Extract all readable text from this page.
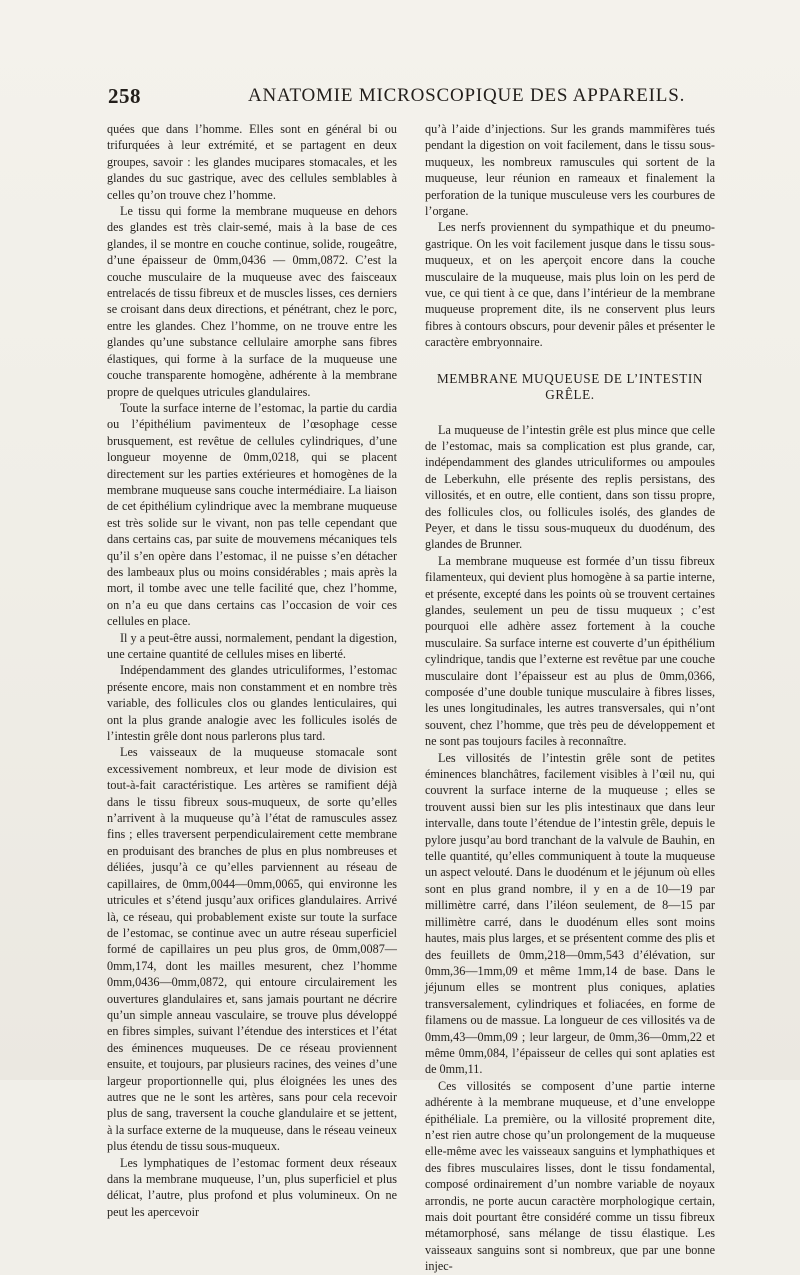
258	ANATOMIE MICROSCOPIQUE DES APPAREILS.

quées que dans l’homme. Elles sont en général bi ou trifurquées à leur extrémité, et se partagent en deux groupes, savoir : les glandes mucipares stomacales, et les glandes du suc gastrique, avec des cellules semblables à celles qu’on trouve chez l’homme.

Le tissu qui forme la membrane muqueuse en dehors des glandes est très clair-semé, mais à la base de ces glandes, il se montre en couche continue, solide, rougeâtre, d’une épaisseur de 0mm,0436 — 0mm,0872. C’est la couche musculaire de la muqueuse avec des faisceaux entrelacés de tissu fibreux et de muscles lisses, ces derniers se croisant dans deux directions, et pénétrant, chez le porc, entre les glandes. Chez l’homme, on ne trouve entre les glandes qu’une substance cellulaire amorphe sans fibres élastiques, qui forme à la surface de la muqueuse une couche transparente homogène, adhérente à la membrane propre de quelques utricules glandulaires.

Toute la surface interne de l’estomac, la partie du cardia ou l’épithélium pavimenteux de l’œsophage cesse brusquement, est revêtue de cellules cylindriques, d’une longueur moyenne de 0mm,0218, qui se placent directement sur les parties extérieures et homogènes de la membrane muqueuse sans couche intermédiaire. La liaison de cet épithélium cylindrique avec la membrane muqueuse est très solide sur le vivant, non pas telle cependant que dans certains cas, par suite de mouvemens mécaniques tels qu’il s’en opère dans l’estomac, il ne puisse s’en détacher des lambeaux plus ou moins considérables ; mais après la mort, il tombe avec une telle facilité que, chez l’homme, on n’a eu que dans certains cas l’occasion de voir ces cellules en place.

Il y a peut-être aussi, normalement, pendant la digestion, une certaine quantité de cellules mises en liberté.

Indépendamment des glandes utriculiformes, l’estomac présente encore, mais non constamment et en nombre très variable, des follicules clos ou glandes lenticulaires, qui ont la plus grande analogie avec les follicules isolés de l’intestin grêle dont nous parlerons plus tard.

Les vaisseaux de la muqueuse stomacale sont excessivement nombreux, et leur mode de division est tout-à-fait caractéristique. Les artères se ramifient déjà dans le tissu fibreux sous-muqueux, de sorte qu’elles n’arrivent à la muqueuse qu’à l’état de ramuscules assez fins ; elles traversent perpendiculairement cette membrane en produisant des branches de plus en plus nombreuses et déliées, jusqu’à ce qu’elles parviennent au réseau de capillaires, de 0mm,0044—0mm,0065, qui environne les utricules et s’étend jusqu’aux orifices glandulaires. Arrivé là, ce réseau, qui probablement existe sur toute la surface de l’estomac, se continue avec un autre réseau superficiel formé de capillaires un peu plus gros, de 0mm,0087—0mm,174, dont les mailles mesurent, chez l’homme 0mm,0436—0mm,0872, qui entoure circulairement les ouvertures glandulaires et, sans jamais pourtant ne décrire qu’un simple anneau vasculaire, se trouve plus développé en fibres simples, suivant l’étendue des interstices et l’état des éminences muqueuses. De ce réseau proviennent ensuite, et toujours, par plusieurs racines, des veines d’une largeur proportionnelle qui, plus éloignées les unes des autres que ne le sont les artères, sans pour cela recevoir plus de sang, traversent la couche glandulaire et se jettent, à la surface externe de la muqueuse, dans le réseau veineux plus étendu de tissu sous-muqueux.

Les lymphatiques de l’estomac forment deux réseaux dans la membrane muqueuse, l’un, plus superficiel et plus délicat, l’autre, plus profond et plus volumineux. On ne peut les apercevoir

qu’à l’aide d’injections. Sur les grands mammifères tués pendant la digestion on voit facilement, dans le tissu sous-muqueux, les nombreux ramuscules qui sortent de la muqueuse, leur réunion en rameaux et finalement la perforation de la tunique musculeuse vers les courbures de l’organe.

Les nerfs proviennent du sympathique et du pneumo-gastrique. On les voit facilement jusque dans le tissu sous-muqueux, et on les aperçoit encore dans la couche musculaire de la muqueuse, mais plus loin on les perd de vue, ce qui tient à ce que, dans l’intérieur de la membrane muqueuse proprement dite, ils ne conservent plus leurs fibres à contours obscurs, pour devenir pâles et présenter le caractère embryonnaire.

MEMBRANE MUQUEUSE DE L’INTESTIN GRÊLE.

La muqueuse de l’intestin grêle est plus mince que celle de l’estomac, mais sa complication est plus grande, car, indépendamment des glandes utriculiformes ou ampoules de Leberkuhn, elle présente des replis persistans, des villosités, et en outre, elle contient, dans son tissu propre, des follicules clos, ou follicules isolés, des glandes de Peyer, et dans le tissu sous-muqueux du duodénum, des glandes de Brunner.

La membrane muqueuse est formée d’un tissu fibreux filamenteux, qui devient plus homogène à sa partie interne, et présente, excepté dans les points où se trouvent certaines glandes, seulement un peu de tissu muqueux ; c’est pourquoi elle adhère assez fortement à la couche musculaire. Sa surface interne est couverte d’un épithélium cylindrique, tandis que l’externe est revêtue par une couche musculaire dont l’épaisseur est au plus de 0mm,0366, composée d’une double tunique musculaire à fibres lisses, les unes longitudinales, les autres transversales, qui n’ont souvent, chez l’homme, que très peu de développement et ne sont pas toujours faciles à reconnaître.

Les villosités de l’intestin grêle sont de petites éminences blanchâtres, facilement visibles à l’œil nu, qui couvrent la surface interne de la muqueuse ; elles se trouvent aussi bien sur les plis intestinaux que dans leur intervalle, dans toute l’étendue de l’intestin grêle, depuis le pylore jusqu’au bord tranchant de la valvule de Bauhin, en telle quantité, qu’elles communiquent à toute la muqueuse un aspect velouté. Dans le duodénum et le jéjunum où elles sont en plus grand nombre, il y en a de 10—19 par millimètre carré, dans l’iléon seulement, de 8—15 par millimètre carré, dans le duodénum elles sont moins hautes, mais plus larges, et se présentent comme des plis et des feuillets de 0mm,218—0mm,543 d’élévation, sur 0mm,36—1mm,09 et même 1mm,14 de base. Dans le jéjunum elles se montrent plus coniques, aplaties transversalement, cylindriques et foliacées, en forme de filamens ou de massue. La longueur de ces villosités va de 0mm,43—0mm,09 ; leur largeur, de 0mm,36—0mm,22 et même 0mm,084, l’épaisseur de celles qui sont aplaties est de 0mm,11.

Ces villosités se composent d’une partie interne adhérente à la membrane muqueuse, et d’une enveloppe épithéliale. La première, ou la villosité proprement dite, n’est rien autre chose qu’un prolongement de la muqueuse elle-même avec les vaisseaux sanguins et lymphathiques et des fibres musculaires lisses, dont le tissu fondamental, composé ordinairement d’un nombre variable de noyaux arrondis, ne porte aucun caractère morphologique certain, mais doit pourtant être considéré comme un tissu fibreux métamorphosé, sans mélange de tissu élastique. Les vaisseaux sanguins sont si nombreux, que par une bonne injec-
